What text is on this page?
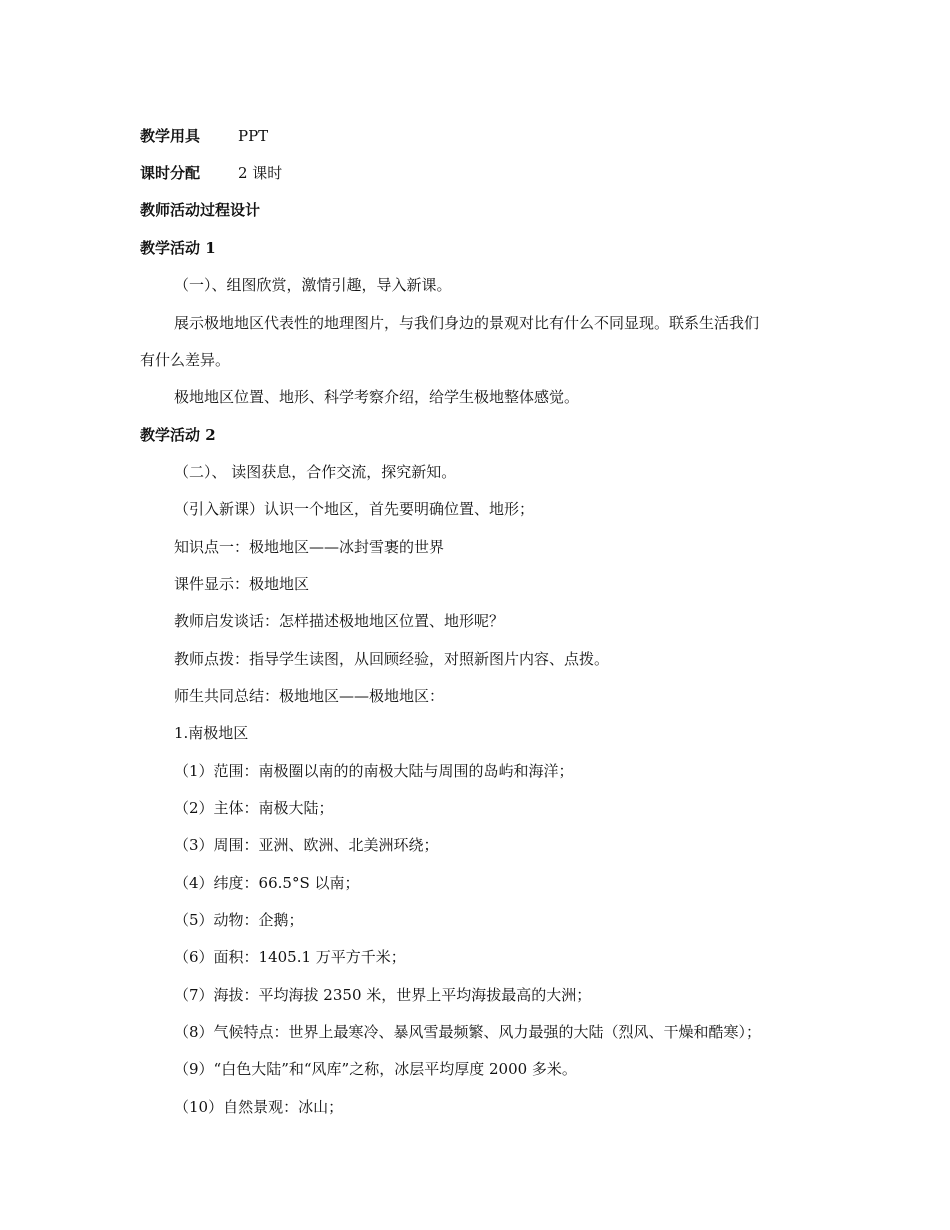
教学用具	PPT
课时分配	2 课时
教师活动过程设计
教学活动 1
（一）、组图欣赏，激情引趣，导入新课。
展示极地地区代表性的地理图片，与我们身边的景观对比有什么不同显现。联系生活我们
有什么差异。
极地地区位置、地形、科学考察介绍，给学生极地整体感觉。
教学活动 2
（二）、 读图获息，合作交流，探究新知。
（引入新课）认识一个地区，首先要明确位置、地形；
知识点一：极地地区——冰封雪裹的世界
课件显示：极地地区
教师启发谈话：怎样描述极地地区位置、地形呢？
教师点拨：指导学生读图，从回顾经验，对照新图片内容、点拨。
师生共同总结：极地地区——极地地区：
1.南极地区
（1）范围：南极圈以南的的南极大陆与周围的岛屿和海洋；
（2）主体：南极大陆；
（3）周围：亚洲、欧洲、北美洲环绕；
（4）纬度：66.5°S 以南；
（5）动物：企鹅；
（6）面积：1405.1 万平方千米；
（7）海拔：平均海拔 2350 米，世界上平均海拔最高的大洲；
（8）气候特点：世界上最寒冷、暴风雪最频繁、风力最强的大陆（烈风、干燥和酷寒）；
（9）“白色大陆”和“风库”之称，冰层平均厚度 2000 多米。
（10）自然景观：冰山；
